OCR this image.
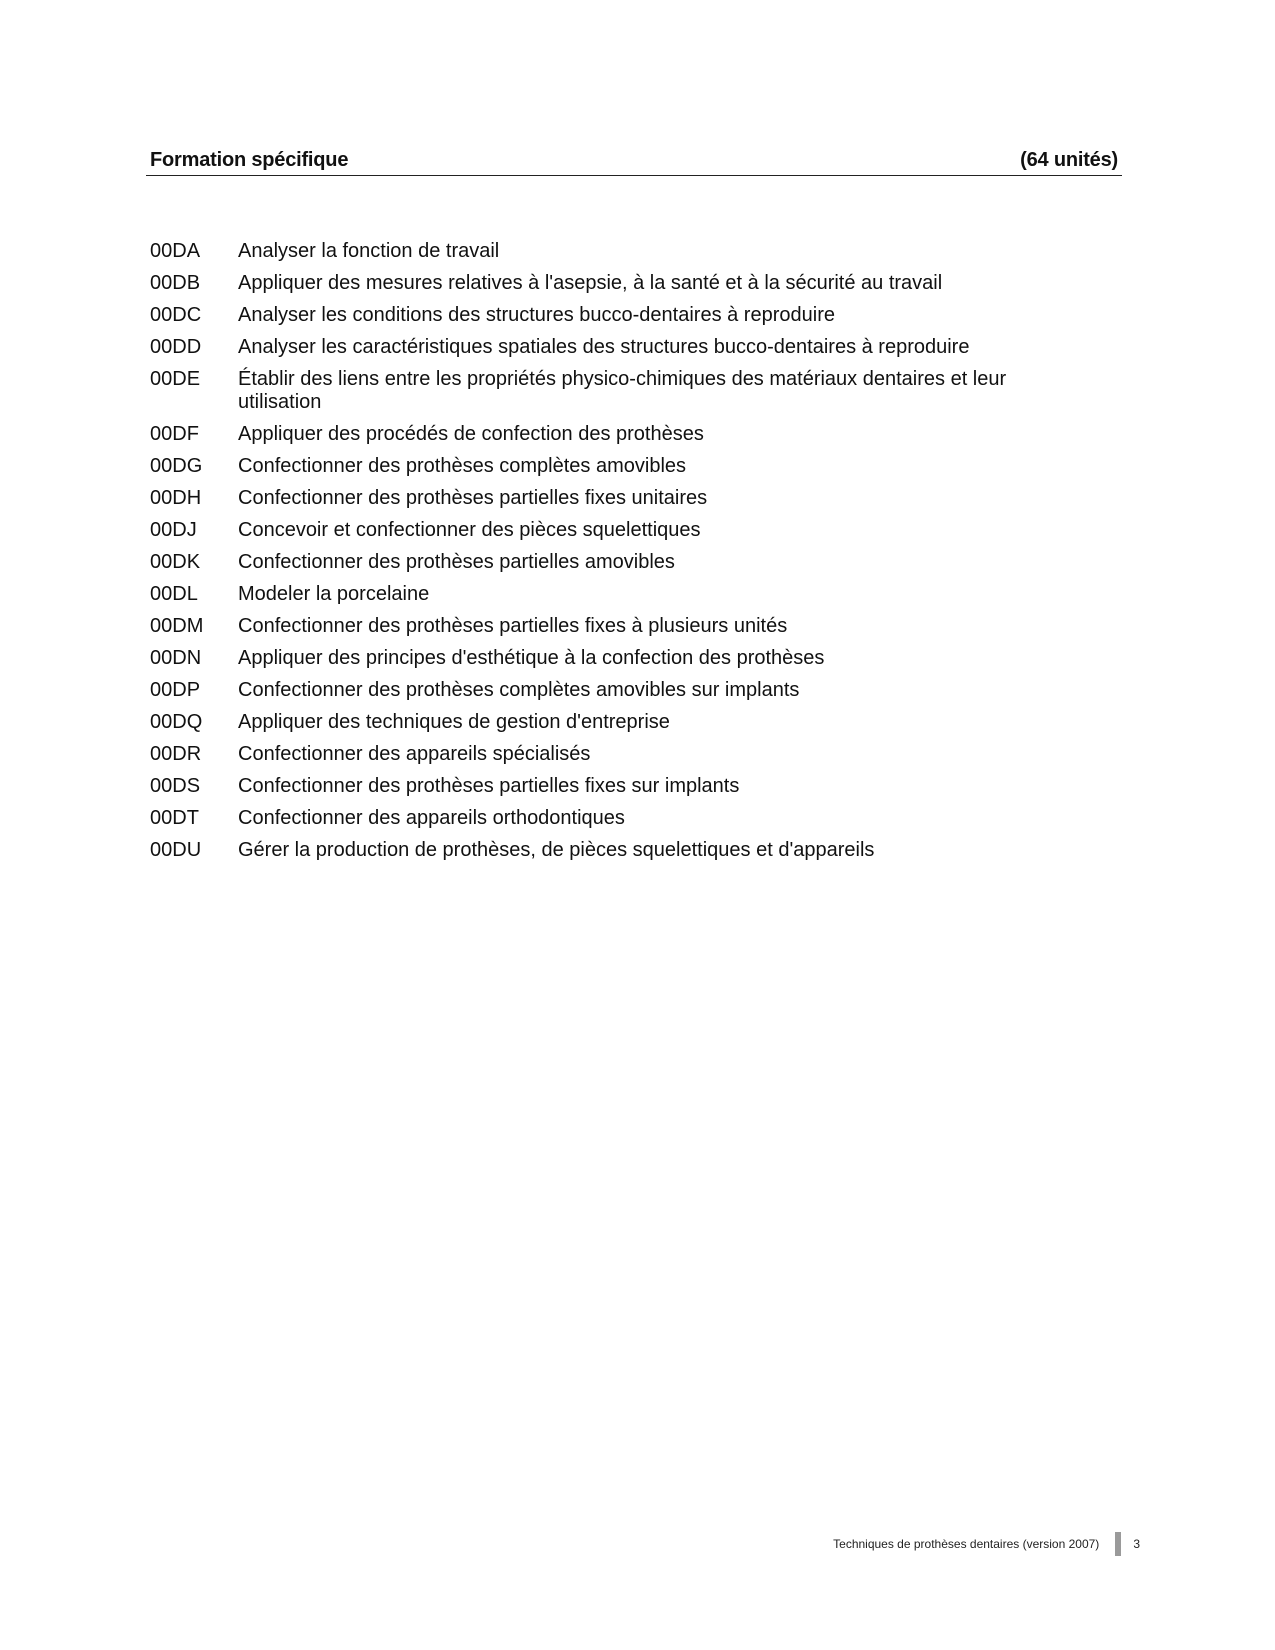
Formation spécifique	(64 unités)
00DA	Analyser la fonction de travail
00DB	Appliquer des mesures relatives à l'asepsie, à la santé et à la sécurité au travail
00DC	Analyser les conditions des structures bucco-dentaires à reproduire
00DD	Analyser les caractéristiques spatiales des structures bucco-dentaires à reproduire
00DE	Établir des liens entre les propriétés physico-chimiques des matériaux dentaires et leur utilisation
00DF	Appliquer des procédés de confection des prothèses
00DG	Confectionner des prothèses complètes amovibles
00DH	Confectionner des prothèses partielles fixes unitaires
00DJ	Concevoir et confectionner des pièces squelettiques
00DK	Confectionner des prothèses partielles amovibles
00DL	Modeler la porcelaine
00DM	Confectionner des prothèses partielles fixes à plusieurs unités
00DN	Appliquer des principes d'esthétique à la confection des prothèses
00DP	Confectionner des prothèses complètes amovibles sur implants
00DQ	Appliquer des techniques de gestion d'entreprise
00DR	Confectionner des appareils spécialisés
00DS	Confectionner des prothèses partielles fixes sur implants
00DT	Confectionner des appareils orthodontiques
00DU	Gérer la production de prothèses, de pièces squelettiques et d'appareils
Techniques de prothèses dentaires (version 2007)	3
